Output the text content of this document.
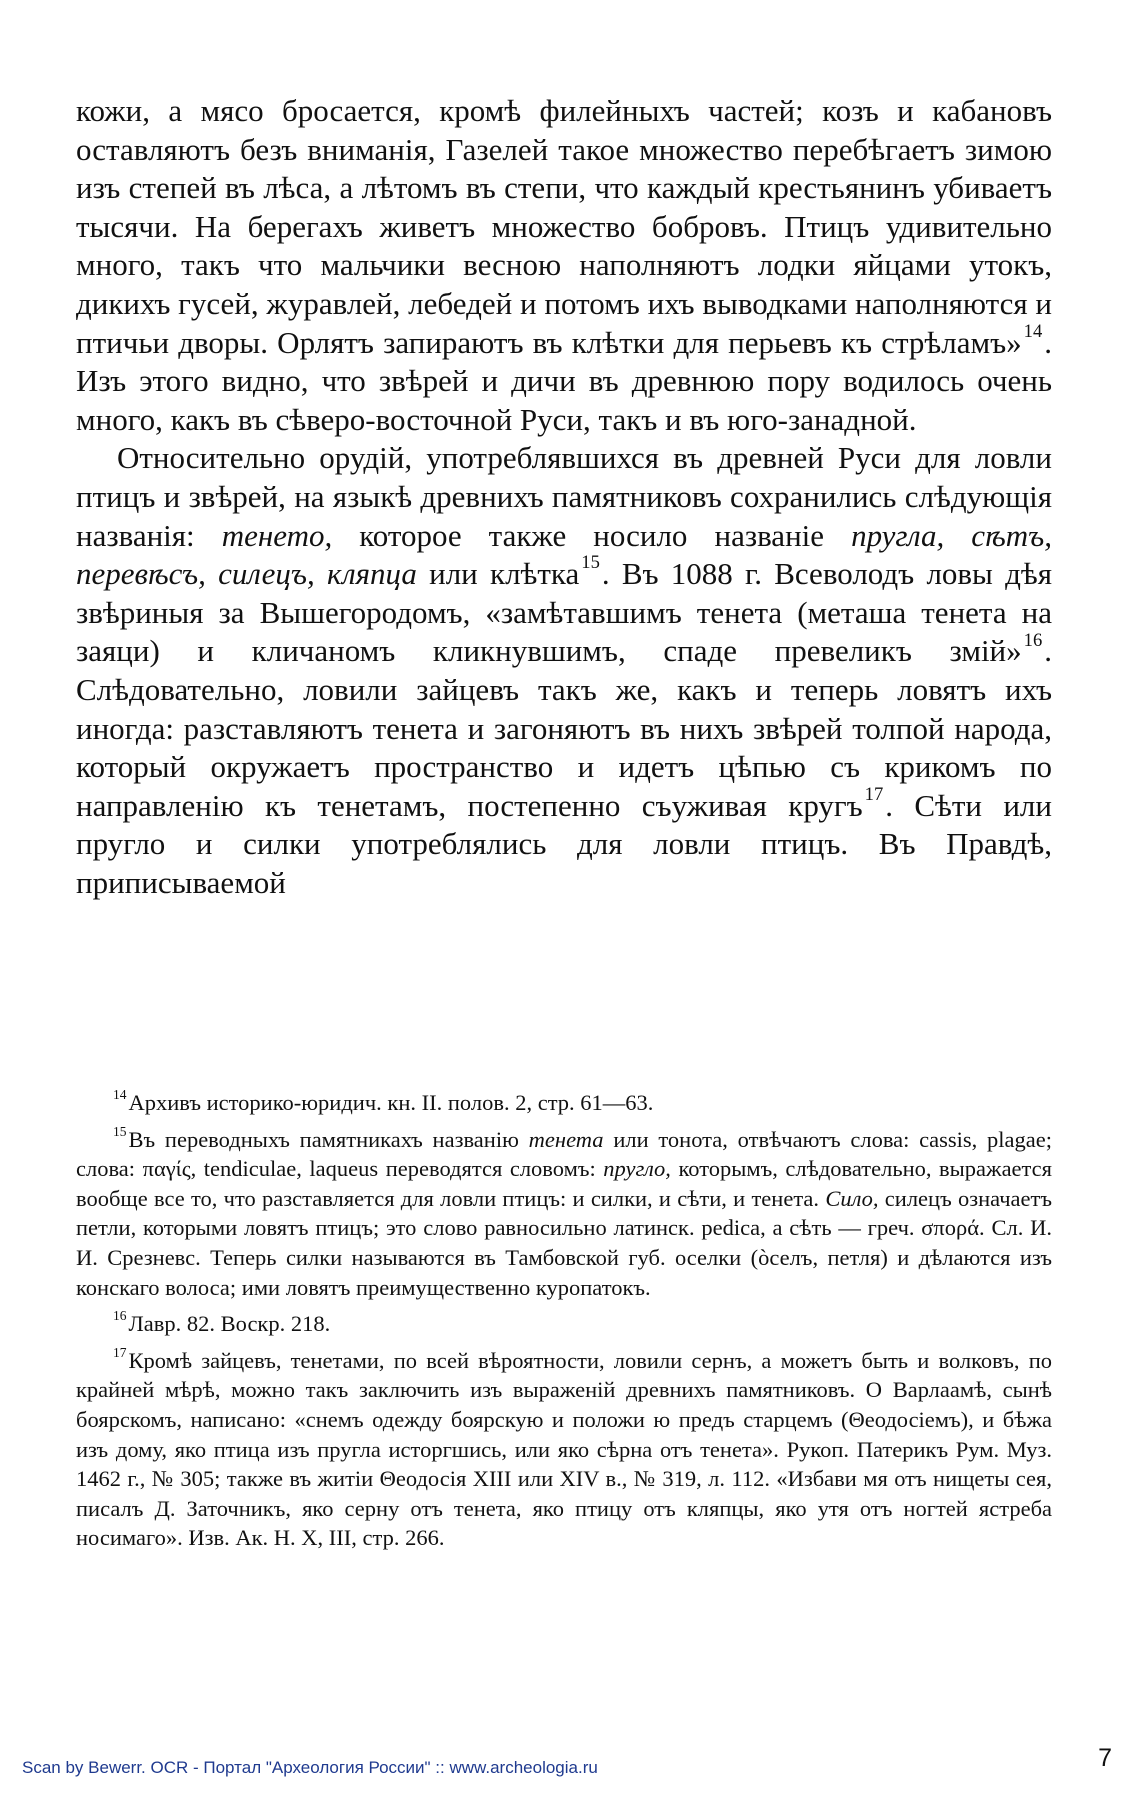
кожи, а мясо бросается, кромѣ филейныхъ частей; козъ и кабановъ оставляютъ безъ вниманія, Газелей такое множество перебѣгаетъ зимою изъ степей въ лѣса, а лѣтомъ въ степи, что каждый крестьянинъ убиваетъ тысячи. На берегахъ живетъ множество бобровъ. Птицъ удивительно много, такъ что мальчики весною наполняютъ лодки яйцами утокъ, дикихъ гусей, журавлей, лебедей и потомъ ихъ выводками наполняются и птичьи дворы. Орлятъ запираютъ въ клѣтки для перьевъ къ стрѣламъ» $^{14}$. Изъ этого видно, что звѣрей и дичи въ древнюю пору водилось очень много, какъ въ сѣверо-восточной Руси, такъ и въ юго-занадной.

Относительно орудій, употреблявшихся въ древней Руси для ловли птицъ и звѣрей, на языкѣ древнихъ памятниковъ сохранились слѣдующія названія: тенето, которое также носило названіе пругла, сѣтъ, перевѣсъ, силецъ, кляпца или клѣтка $^{15}$. Въ 1088 г. Всеволодъ ловы дѣя звѣриныя за Вышегородомъ, «замѣтавшимъ тенета (меташа тенета на заяци) и кличаномъ кликнувшимъ, спаде превеликъ змій» $^{16}$. Слѣдовательно, ловили зайцевъ такъ же, какъ и теперь ловятъ ихъ иногда: разставляютъ тенета и загоняютъ въ нихъ звѣрей толпой народа, который окружаетъ пространство и идетъ цѣпью съ крикомъ по направленію къ тенетамъ, постепенно съуживая кругъ $^{17}$. Сѣти или пругло и силки употреблялись для ловли птицъ. Въ Правдѣ, приписываемой

$^{14}$Архивъ историко-юридич. кн. II. полов. 2, стр. 61—63.

$^{15}$Въ переводныхъ памятникахъ названію тенета или тонота, отвѣчаютъ слова: cassis, plagae; слова: παγίς, tendiculae, laqueus переводятся словомъ: пругло, которымъ, слѣдовательно, выражается вообще все то, что разставляется для ловли птицъ: и силки, и сѣти, и тенета. Сило, силецъ означаетъ петли, которыми ловятъ птицъ; это слово равносильно латинск. pedica, а сѣть — греч. σπορά. Сл. И. И. Срезневс. Теперь силки называются въ Тамбовской губ. оселки (òселъ, петля) и дѣлаются изъ конскаго волоса; ими ловятъ преимущественно куропатокъ.

$^{16}$Лавр. 82. Воскр. 218.

$^{17}$Кромѣ зайцевъ, тенетами, по всей вѣроятности, ловили сернъ, а можетъ быть и волковъ, по крайней мѣрѣ, можно такъ заключить изъ выраженій древнихъ памятниковъ. О Варлаамѣ, сынѣ боярскомъ, написано: «снемъ одежду боярскую и положи ю предъ старцемъ (Θеодосіемъ), и бѣжа изъ дому, яко птица изъ пругла исторгшись, или яко сѣрна отъ тенета». Рукоп. Патерикъ Рум. Муз. 1462 г., № 305; также въ житіи Θеодосія XIII или XIV в., № 319, л. 112. «Избави мя отъ нищеты сея, писалъ Д. Заточникъ, яко серну отъ тенета, яко птицу отъ кляпцы, яко утя отъ ногтей ястреба носимаго». Изв. Ак. Н. X, III, стр. 266.

Scan by Bewerr. OCR - Портал "Археология России" :: www.archeologia.ru	7
